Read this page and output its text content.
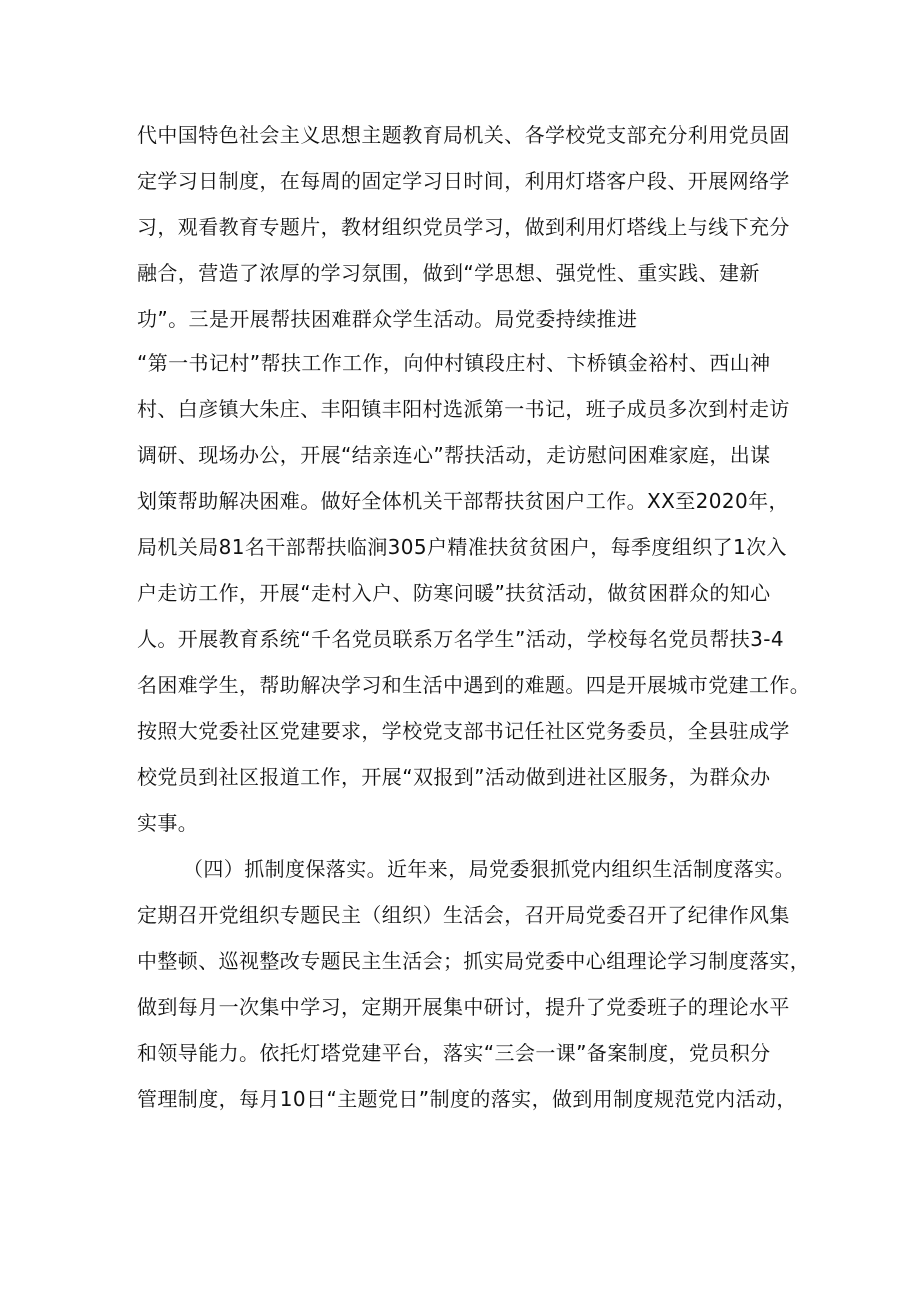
代中国特色社会主义思想主题教育局机关、各学校党支部充分利用党员固
定学习日制度，在每周的固定学习日时间，利用灯塔客户段、开展网络学
习，观看教育专题片，教材组织党员学习，做到利用灯塔线上与线下充分
融合，营造了浓厚的学习氛围，做到“学思想、强党性、重实践、建新
功”。三是开展帮扶困难群众学生活动。局党委持续推进
“第一书记村”帮扶工作工作，向仲村镇段庄村、卞桥镇金裕村、西山神
村、白彦镇大朱庄、丰阳镇丰阳村选派第一书记，班子成员多次到村走访
调研、现场办公，开展“结亲连心”帮扶活动，走访慰问困难家庭，出谋
划策帮助解决困难。做好全体机关干部帮扶贫困户工作。XX至2020年，
局机关局81名干部帮扶临涧305户精准扶贫贫困户，每季度组织了1次入
户走访工作，开展“走村入户、防寒问暖”扶贫活动，做贫困群众的知心
人。开展教育系统“千名党员联系万名学生”活动，学校每名党员帮扶3-4
名困难学生，帮助解决学习和生活中遇到的难题。四是开展城市党建工作。
按照大党委社区党建要求，学校党支部书记任社区党务委员，全县驻成学
校党员到社区报道工作，开展“双报到”活动做到进社区服务，为群众办
实事。
（四）抓制度保落实。近年来，局党委狠抓党内组织生活制度落实。
定期召开党组织专题民主（组织）生活会，召开局党委召开了纪律作风集
中整顿、巡视整改专题民主生活会；抓实局党委中心组理论学习制度落实，
做到每月一次集中学习，定期开展集中研讨，提升了党委班子的理论水平
和领导能力。依托灯塔党建平台，落实“三会一课”备案制度，党员积分
管理制度，每月10日“主题党日”制度的落实，做到用制度规范党内活动，
